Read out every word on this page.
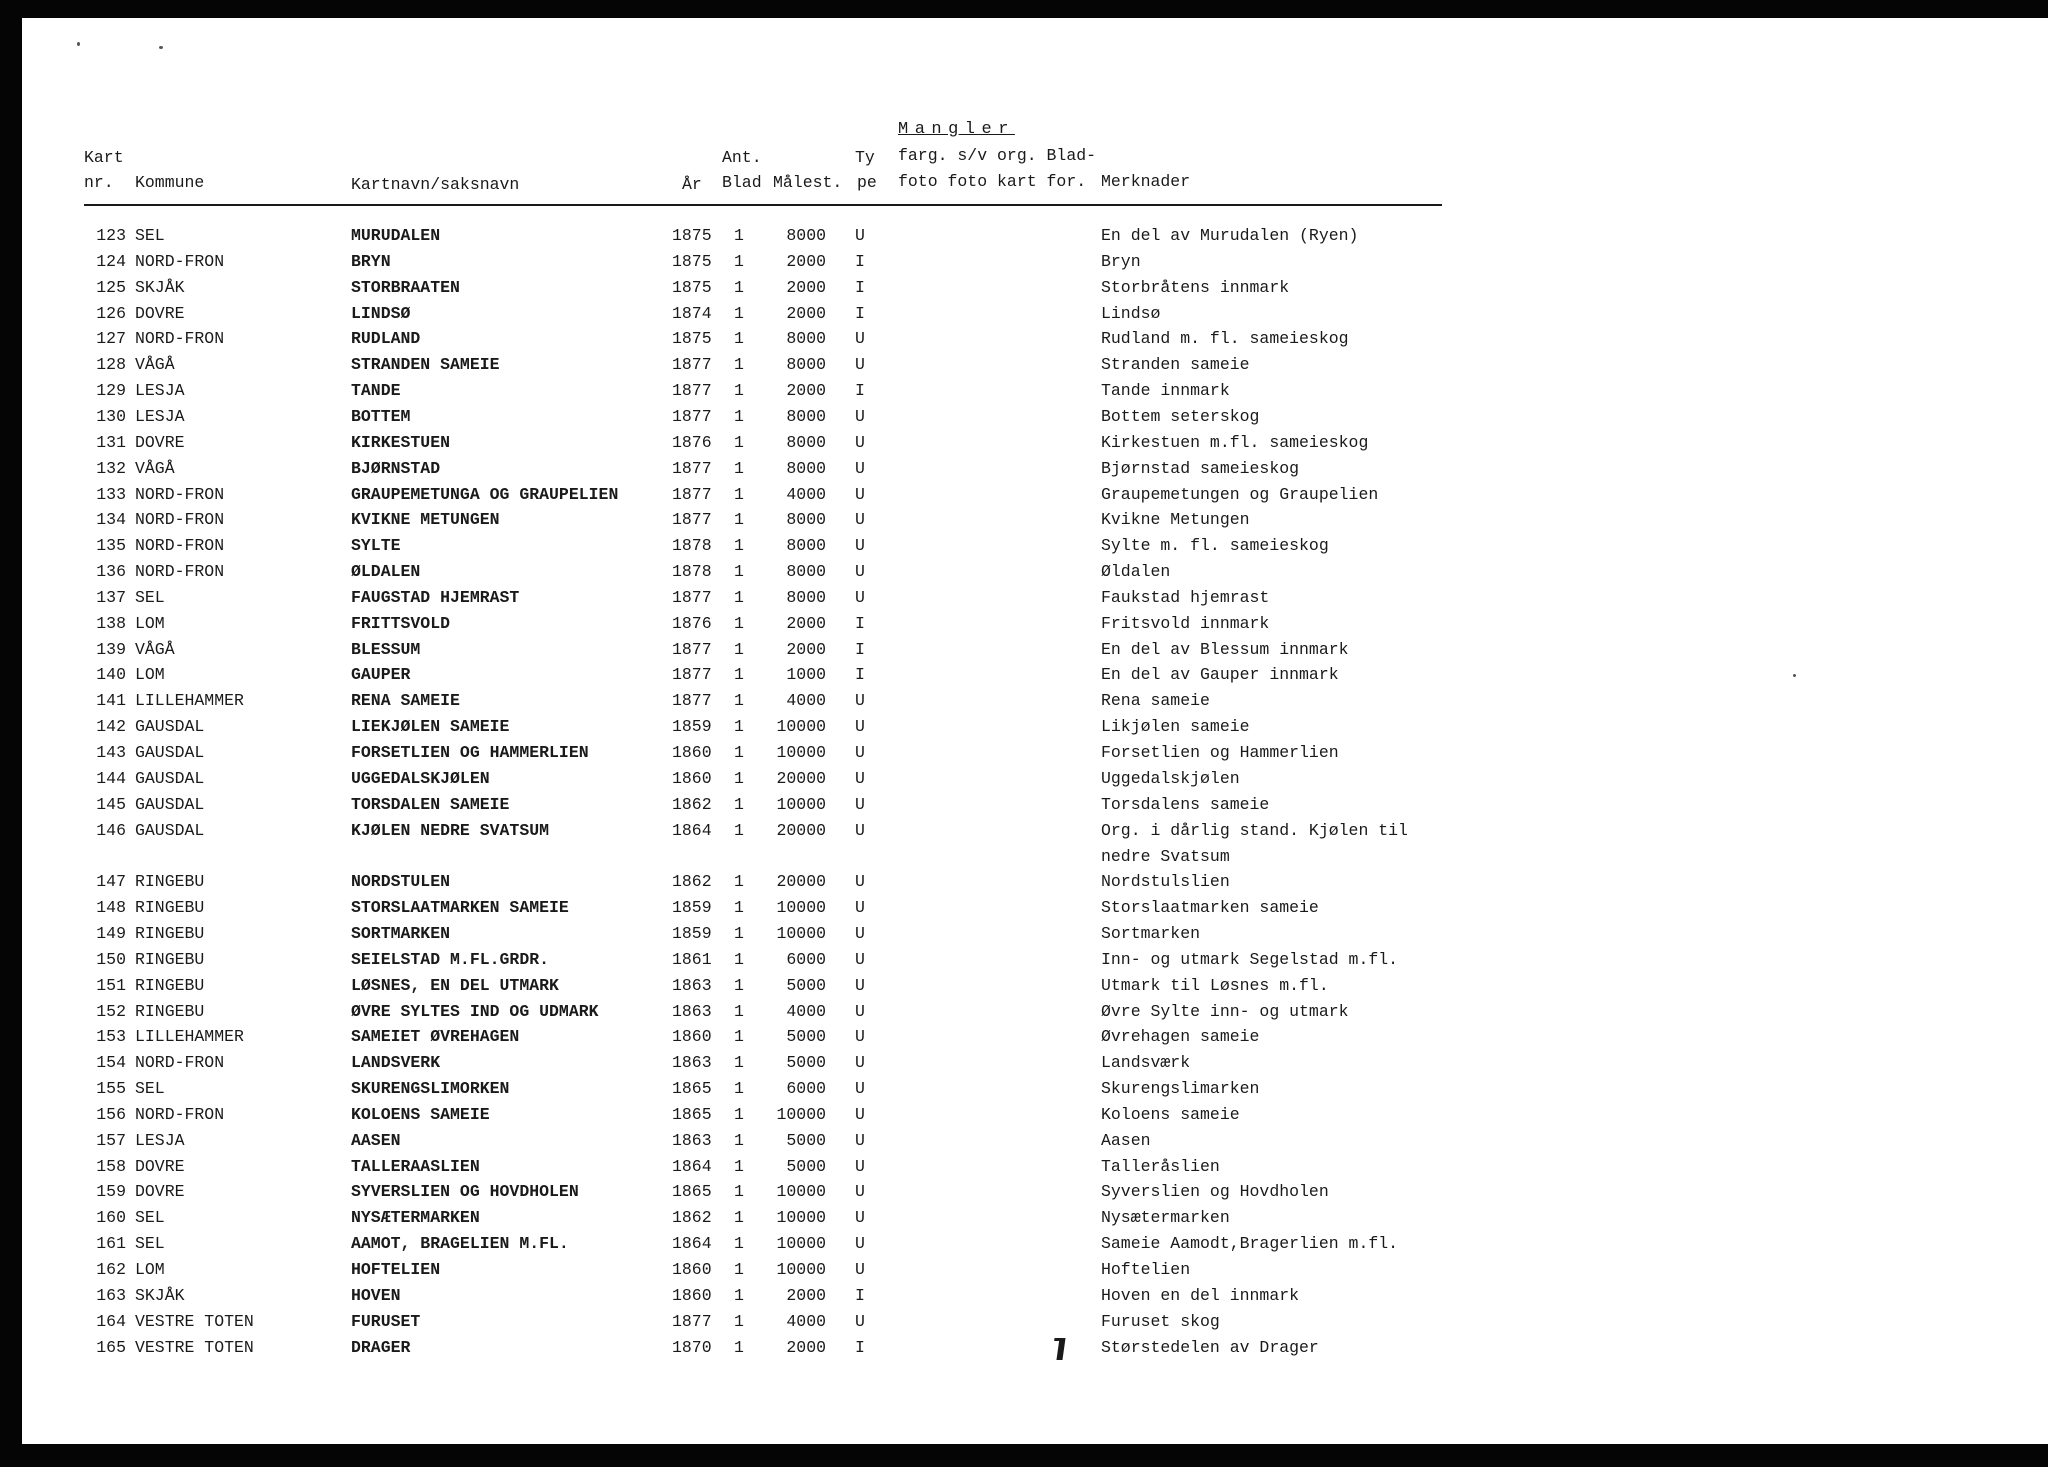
Mangler
Kart
nr. Kommune	Kartnavn/saksnavn	År
Ant.
Blad Målest.
Ty
pe
farg. s/v org. Blad-
foto foto kart for. Merknader
123 SEL	MURUDALEN	1875 1	8000 U	En del av Murudalen (Ryen)
124 NORD-FRON	BRYN	1875 1	2000 I	Bryn
125 SKJÅK	STORBRAATEN	1875 1	2000 I	Storbråtens innmark
126 DOVRE	LINDSØ	1874 1	2000 I	Lindsø
127 NORD-FRON	RUDLAND	1875 1	8000 U	Rudland m. fl. sameieskog
128 VÅGÅ	STRANDEN SAMEIE	1877 1	8000 U	Stranden sameie
129 LESJA	TANDE	1877 1	2000 I	Tande innmark
130 LESJA	BOTTEM	1877 1	8000 U	Bottem seterskog
131 DOVRE	KIRKESTUEN	1876 1	8000 U	Kirkestuen m.fl. sameieskog
132 VÅGÅ	BJØRNSTAD	1877 1	8000 U	Bjørnstad sameieskog
133 NORD-FRON	GRAUPEMETUNGA OG GRAUPELIEN	1877 1	4000 U	Graupemetungen og Graupelien
134 NORD-FRON	KVIKNE METUNGEN	1877 1	8000 U	Kvikne Metungen
135 NORD-FRON	SYLTE	1878 1	8000 U	Sylte m. fl. sameieskog
136 NORD-FRON	ØLDALEN	1878 1	8000 U	Øldalen
137 SEL	FAUGSTAD HJEMRAST	1877 1	8000 U	Faukstad hjemrast
138 LOM	FRITTSVOLD	1876 1	2000 I	Fritsvold innmark
139 VÅGÅ	BLESSUM	1877 1	2000 I	En del av Blessum innmark
140 LOM	GAUPER	1877 1	1000 I	En del av Gauper innmark
141 LILLEHAMMER	RENA SAMEIE	1877 1	4000 U	Rena sameie
142 GAUSDAL	LIEKJØLEN SAMEIE	1859 1	10000 U	Likjølen sameie
143 GAUSDAL	FORSETLIEN OG HAMMERLIEN	1860 1	10000 U	Forsetlien og Hammerlien
144 GAUSDAL	UGGEDALSKJØLEN	1860 1	20000 U	Uggedalskjølen
145 GAUSDAL	TORSDALEN SAMEIE	1862 1	10000 U	Torsdalens sameie
146 GAUSDAL	KJØLEN NEDRE SVATSUM	1864 1	20000 U	Org. i dårlig stand. Kjølen til
nedre Svatsum
147 RINGEBU	NORDSTULEN	1862 1	20000 U	Nordstulslien
148 RINGEBU	STORSLAATMARKEN SAMEIE	1859 1	10000 U	Storslaatmarken sameie
149 RINGEBU	SORTMARKEN	1859 1	10000 U	Sortmarken
150 RINGEBU	SEIELSTAD M.FL.GRDR.	1861 1	6000 U	Inn- og utmark Segelstad m.fl.
151 RINGEBU	LØSNES, EN DEL UTMARK	1863 1	5000 U	Utmark til Løsnes m.fl.
152 RINGEBU	ØVRE SYLTES IND OG UDMARK	1863 1	4000 U	Øvre Sylte inn- og utmark
153 LILLEHAMMER	SAMEIET ØVREHAGEN	1860 1	5000 U	Øvrehagen sameie
154 NORD-FRON	LANDSVERK	1863 1	5000 U	Landsværk
155 SEL	SKURENGSLIMORKEN	1865 1	6000 U	Skurengslimarken
156 NORD-FRON	KOLOENS SAMEIE	1865 1	10000 U	Koloens sameie
157 LESJA	AASEN	1863 1	5000 U	Aasen
158 DOVRE	TALLERAASLIEN	1864 1	5000 U	Talleråslien
159 DOVRE	SYVERSLIEN OG HOVDHOLEN	1865 1	10000 U	Syverslien og Hovdholen
160 SEL	NYSÆTERMARKEN	1862 1	10000 U	Nysætermarken
161 SEL	AAMOT, BRAGELIEN M.FL.	1864 1	10000 U	Sameie Aamodt,Bragerlien m.fl.
162 LOM	HOFTELIEN	1860 1	10000 U	Hoftelien
163 SKJÅK	HOVEN	1860 1	2000 I	Hoven en del innmark
164 VESTRE TOTEN	FURUSET	1877 1	4000 U	Furuset skog
165 VESTRE TOTEN	DRAGER	1870 1	2000 I	Størstedelen av Drager
